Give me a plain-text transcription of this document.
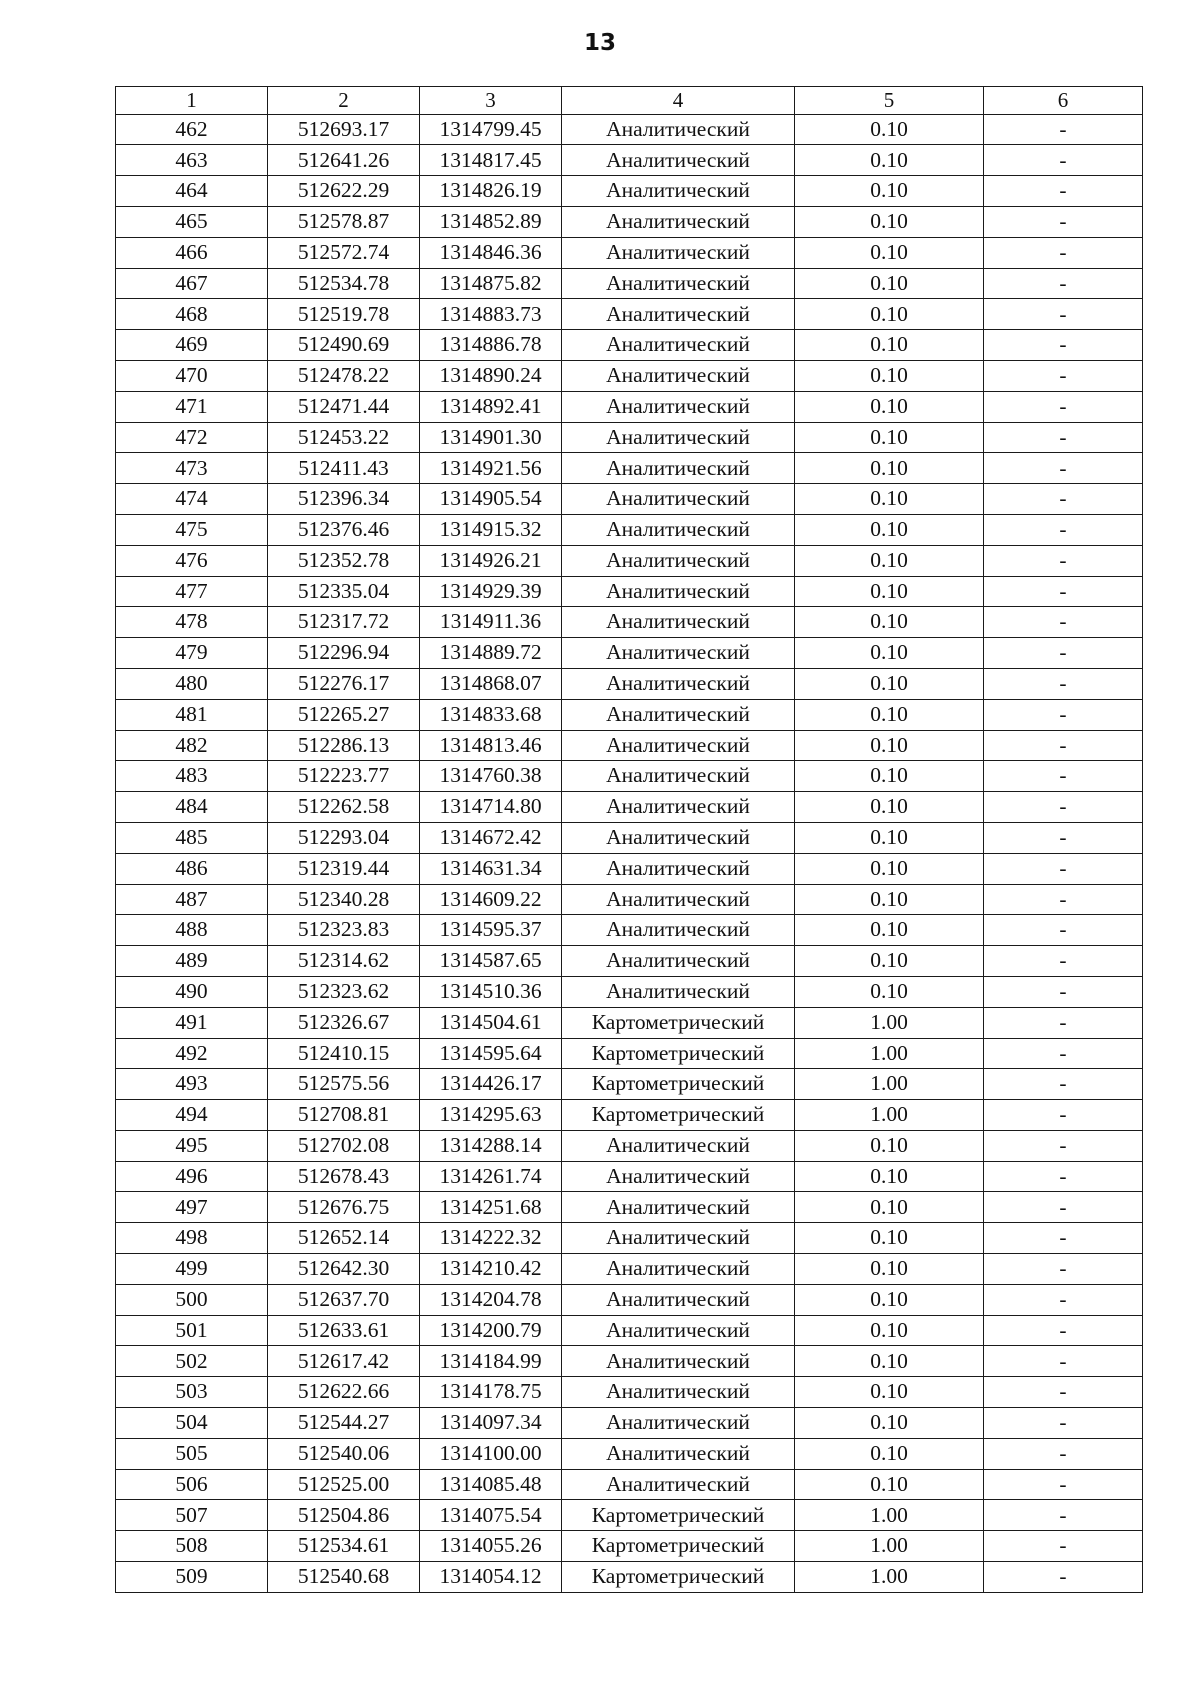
13
1	2	3	4	5	6
462	512693.17	1314799.45	Аналитический	0.10	-
463	512641.26	1314817.45	Аналитический	0.10	-
464	512622.29	1314826.19	Аналитический	0.10	-
465	512578.87	1314852.89	Аналитический	0.10	-
466	512572.74	1314846.36	Аналитический	0.10	-
467	512534.78	1314875.82	Аналитический	0.10	-
468	512519.78	1314883.73	Аналитический	0.10	-
469	512490.69	1314886.78	Аналитический	0.10	-
470	512478.22	1314890.24	Аналитический	0.10	-
471	512471.44	1314892.41	Аналитический	0.10	-
472	512453.22	1314901.30	Аналитический	0.10	-
473	512411.43	1314921.56	Аналитический	0.10	-
474	512396.34	1314905.54	Аналитический	0.10	-
475	512376.46	1314915.32	Аналитический	0.10	-
476	512352.78	1314926.21	Аналитический	0.10	-
477	512335.04	1314929.39	Аналитический	0.10	-
478	512317.72	1314911.36	Аналитический	0.10	-
479	512296.94	1314889.72	Аналитический	0.10	-
480	512276.17	1314868.07	Аналитический	0.10	-
481	512265.27	1314833.68	Аналитический	0.10	-
482	512286.13	1314813.46	Аналитический	0.10	-
483	512223.77	1314760.38	Аналитический	0.10	-
484	512262.58	1314714.80	Аналитический	0.10	-
485	512293.04	1314672.42	Аналитический	0.10	-
486	512319.44	1314631.34	Аналитический	0.10	-
487	512340.28	1314609.22	Аналитический	0.10	-
488	512323.83	1314595.37	Аналитический	0.10	-
489	512314.62	1314587.65	Аналитический	0.10	-
490	512323.62	1314510.36	Аналитический	0.10	-
491	512326.67	1314504.61	Картометрический	1.00	-
492	512410.15	1314595.64	Картометрический	1.00	-
493	512575.56	1314426.17	Картометрический	1.00	-
494	512708.81	1314295.63	Картометрический	1.00	-
495	512702.08	1314288.14	Аналитический	0.10	-
496	512678.43	1314261.74	Аналитический	0.10	-
497	512676.75	1314251.68	Аналитический	0.10	-
498	512652.14	1314222.32	Аналитический	0.10	-
499	512642.30	1314210.42	Аналитический	0.10	-
500	512637.70	1314204.78	Аналитический	0.10	-
501	512633.61	1314200.79	Аналитический	0.10	-
502	512617.42	1314184.99	Аналитический	0.10	-
503	512622.66	1314178.75	Аналитический	0.10	-
504	512544.27	1314097.34	Аналитический	0.10	-
505	512540.06	1314100.00	Аналитический	0.10	-
506	512525.00	1314085.48	Аналитический	0.10	-
507	512504.86	1314075.54	Картометрический	1.00	-
508	512534.61	1314055.26	Картометрический	1.00	-
509	512540.68	1314054.12	Картометрический	1.00	-
